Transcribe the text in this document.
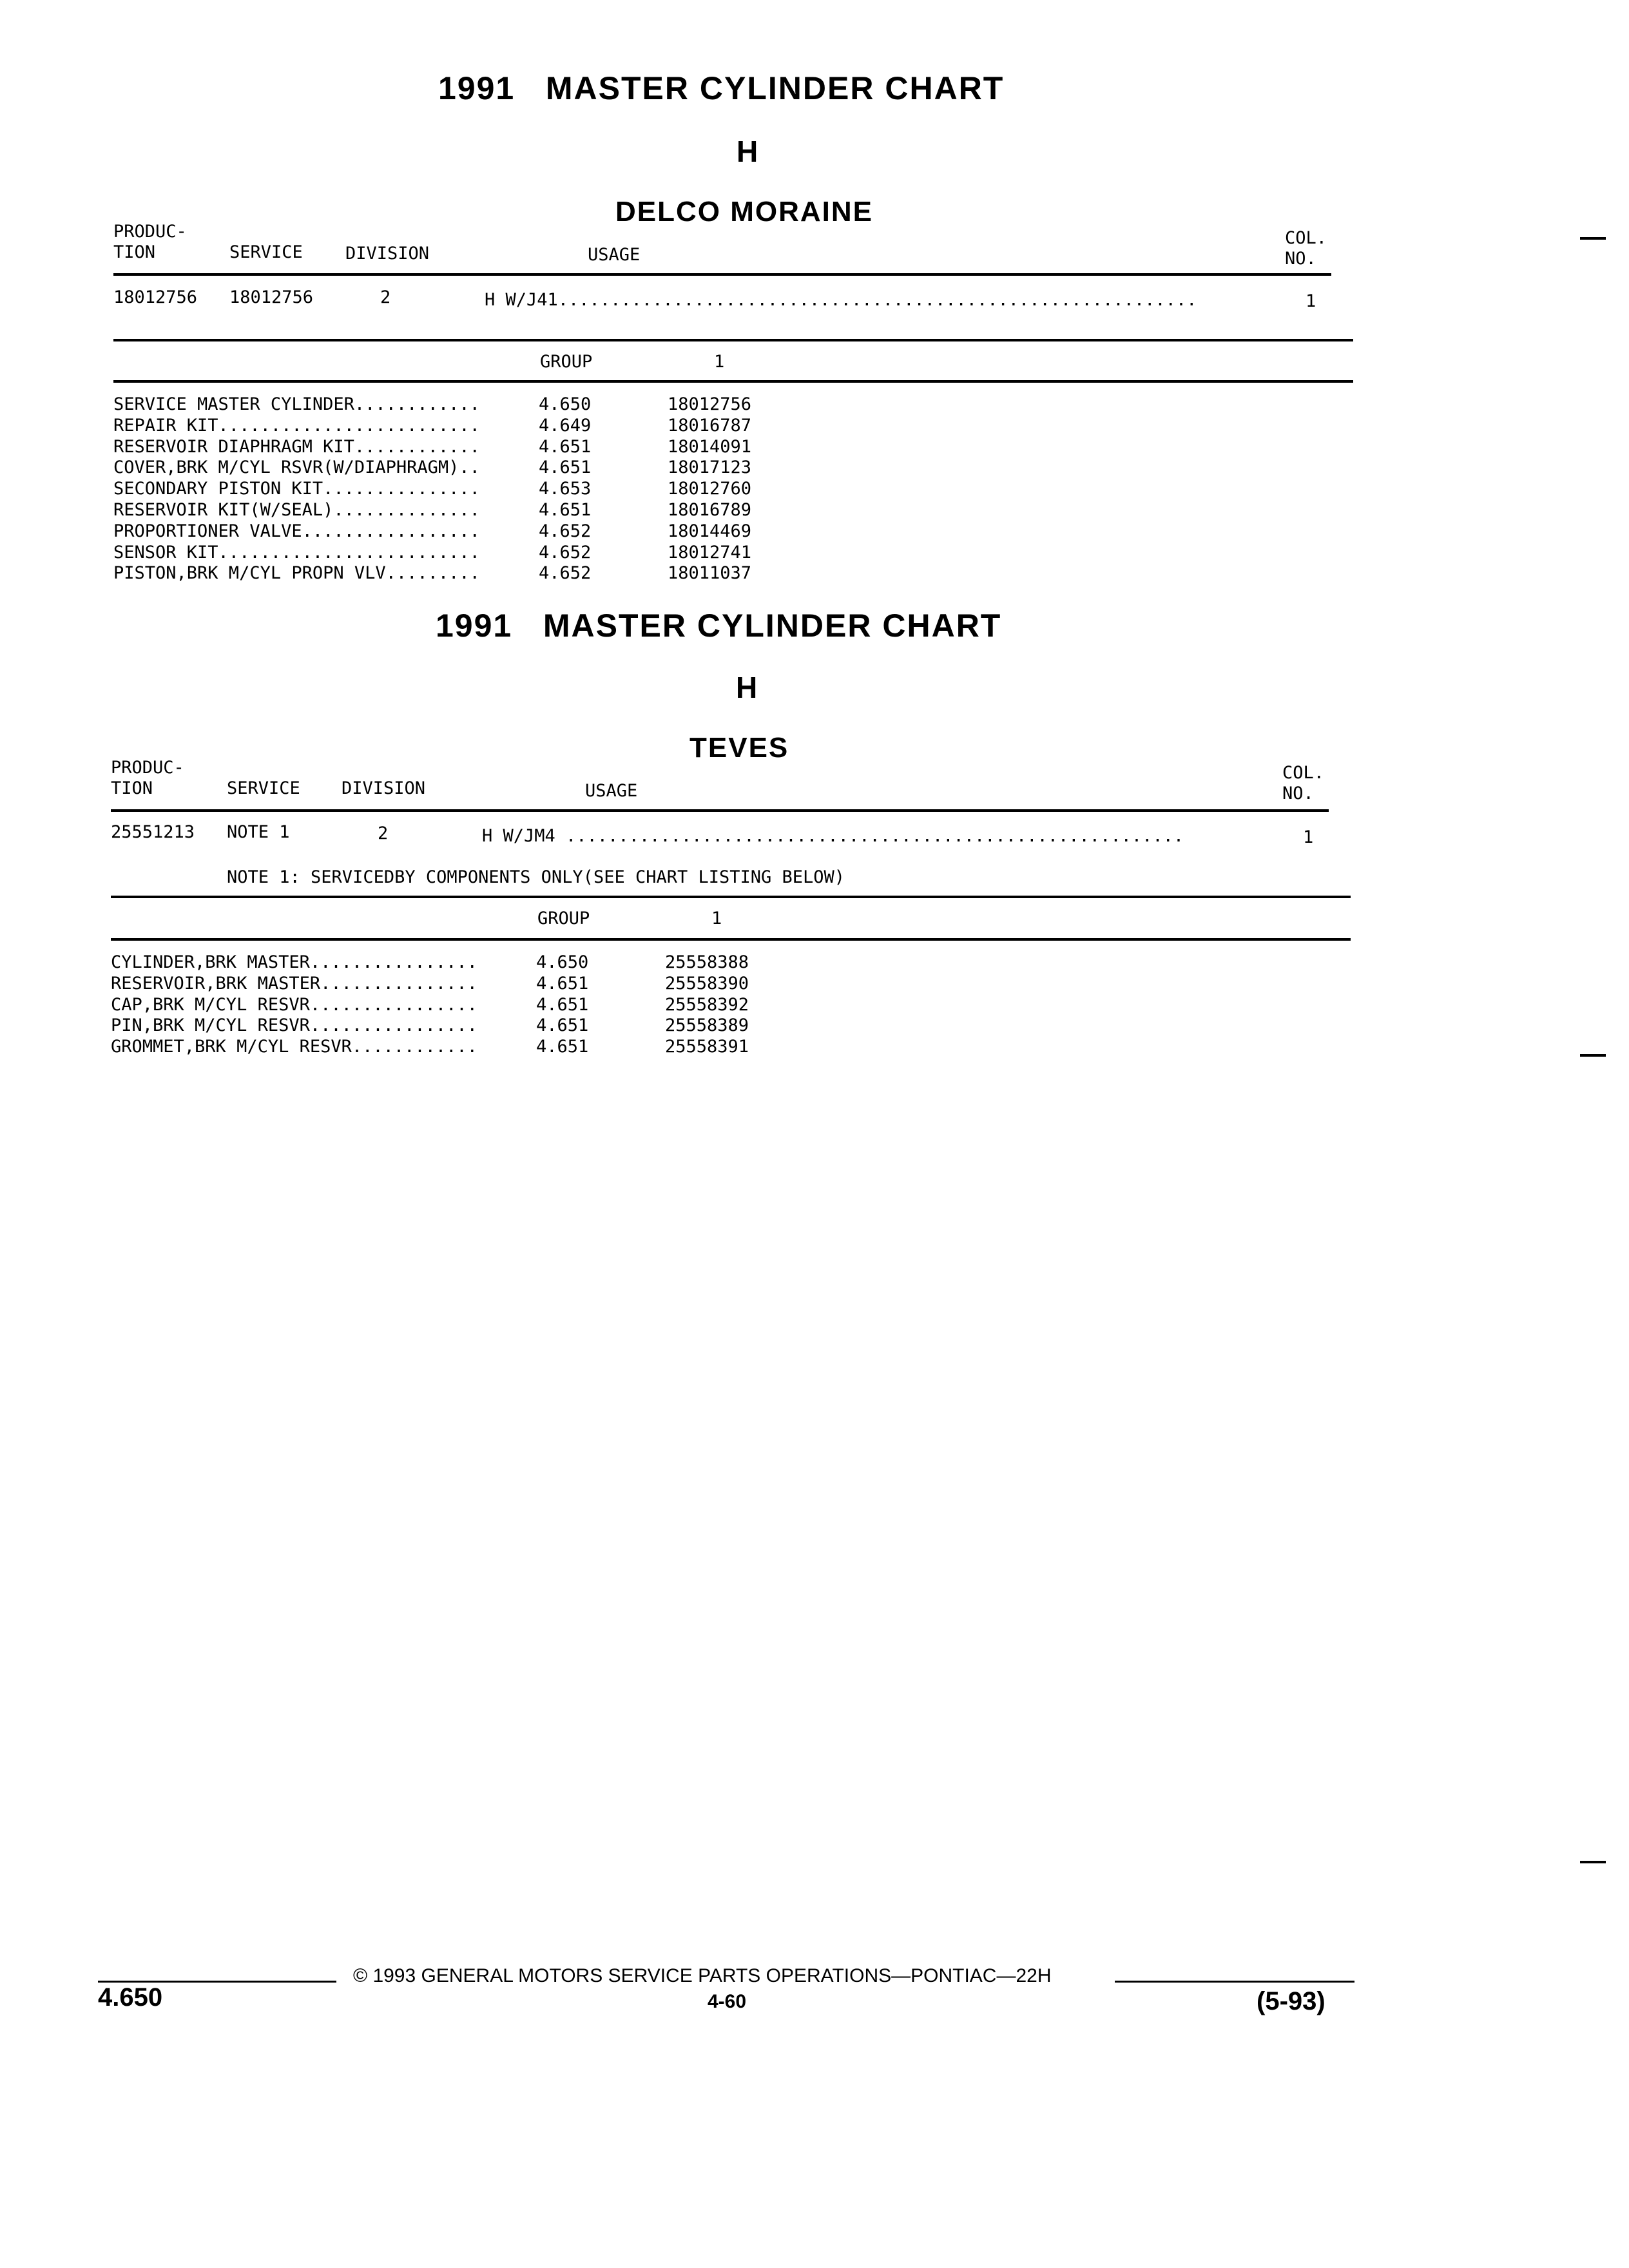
1991   MASTER CYLINDER CHART
H
DELCO MORAINE
PRODUC-
TION	SERVICE DIVISION	USAGE
COL.
NO.
18012756 18012756	2	H W/J41.............................................................	1
GROUP	1
SERVICE MASTER CYLINDER............	4.650	18012756
REPAIR KIT.........................	4.649	18016787
RESERVOIR DIAPHRAGM KIT............	4.651	18014091
COVER,BRK M/CYL RSVR(W/DIAPHRAGM)..	4.651	18017123
SECONDARY PISTON KIT...............	4.653	18012760
RESERVOIR KIT(W/SEAL)..............	4.651	18016789
PROPORTIONER VALVE.................	4.652	18014469
SENSOR KIT.........................	4.652	18012741
PISTON,BRK M/CYL PROPN VLV.........	4.652	18011037
1991   MASTER CYLINDER CHART
H
TEVES
PRODUC-
TION	SERVICE DIVISION	USAGE
COL.
NO.
25551213 NOTE 1	2	H W/JM4 ...........................................................	1
NOTE 1: SERVICEDBY COMPONENTS ONLY(SEE CHART LISTING BELOW)
GROUP	1
CYLINDER,BRK MASTER................	4.650	25558388
RESERVOIR,BRK MASTER...............	4.651	25558390
CAP,BRK M/CYL RESVR................	4.651	25558392
PIN,BRK M/CYL RESVR................	4.651	25558389
GROMMET,BRK M/CYL RESVR............	4.651	25558391
© 1993 GENERAL MOTORS SERVICE PARTS OPERATIONS—PONTIAC—22H
4.650	4-60	(5-93)
